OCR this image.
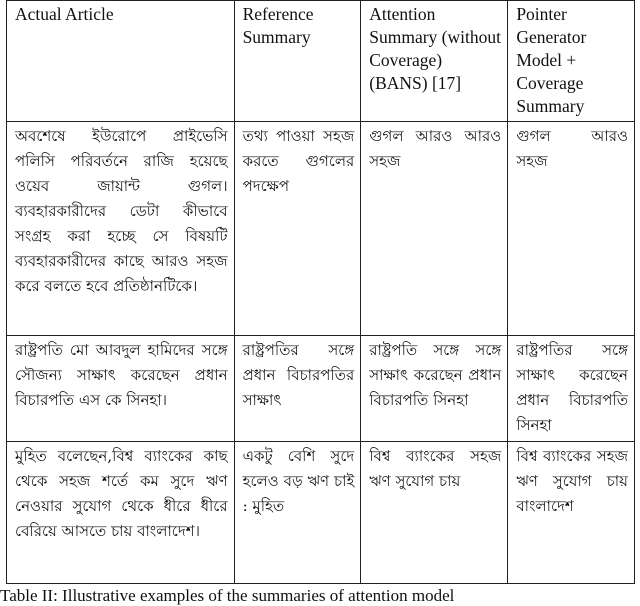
Actual Article	Reference Summary	Attention Summary (without Coverage) (BANS) [17]	Pointer Generator Model + Coverage Summary
অবশেষে ইউরোপে প্রাইভেসি পলিসি পরিবর্তনে রাজি হয়েছে ওয়েব জায়ান্ট গুগল। ব্যবহারকারীদের ডেটা কীভাবে সংগ্রহ করা হচ্ছে সে বিষয়টি ব্যবহারকারীদের কাছে আরও সহজ করে বলতে হবে প্রতিষ্ঠানটিকে।	তথ্য পাওয়া সহজ করতে গুগলের পদক্ষেপ	গুগল আরও আরও সহজ	গুগল আরও সহজ
রাষ্ট্রপতি মো আবদুল হামিদের সঙ্গে সৌজন্য সাক্ষাৎ করেছেন প্রধান বিচারপতি এস কে সিনহা।	রাষ্ট্রপতির সঙ্গে প্রধান বিচারপতির সাক্ষাৎ	রাষ্ট্রপতি সঙ্গে সঙ্গে সাক্ষাৎ করেছেন প্রধান বিচারপতি সিনহা	রাষ্ট্রপতির সঙ্গে সাক্ষাৎ করেছেন প্রধান বিচারপতি সিনহা
মুহিত বলেছেন,বিশ্ব ব্যাংকের কাছ থেকে সহজ শর্তে কম সুদে ঋণ নেওয়ার সুযোগ থেকে ধীরে ধীরে বেরিয়ে আসতে চায় বাংলাদেশ।	একটু বেশি সুদে হলেও বড় ঋণ চাই : মুহিত	বিশ্ব ব্যাংকের সহজ ঋণ সুযোগ চায়	বিশ্ব ব্যাংকের সহজ ঋণ সুযোগ চায় বাংলাদেশ
Table II: Illustrative examples of the summaries of attention model
